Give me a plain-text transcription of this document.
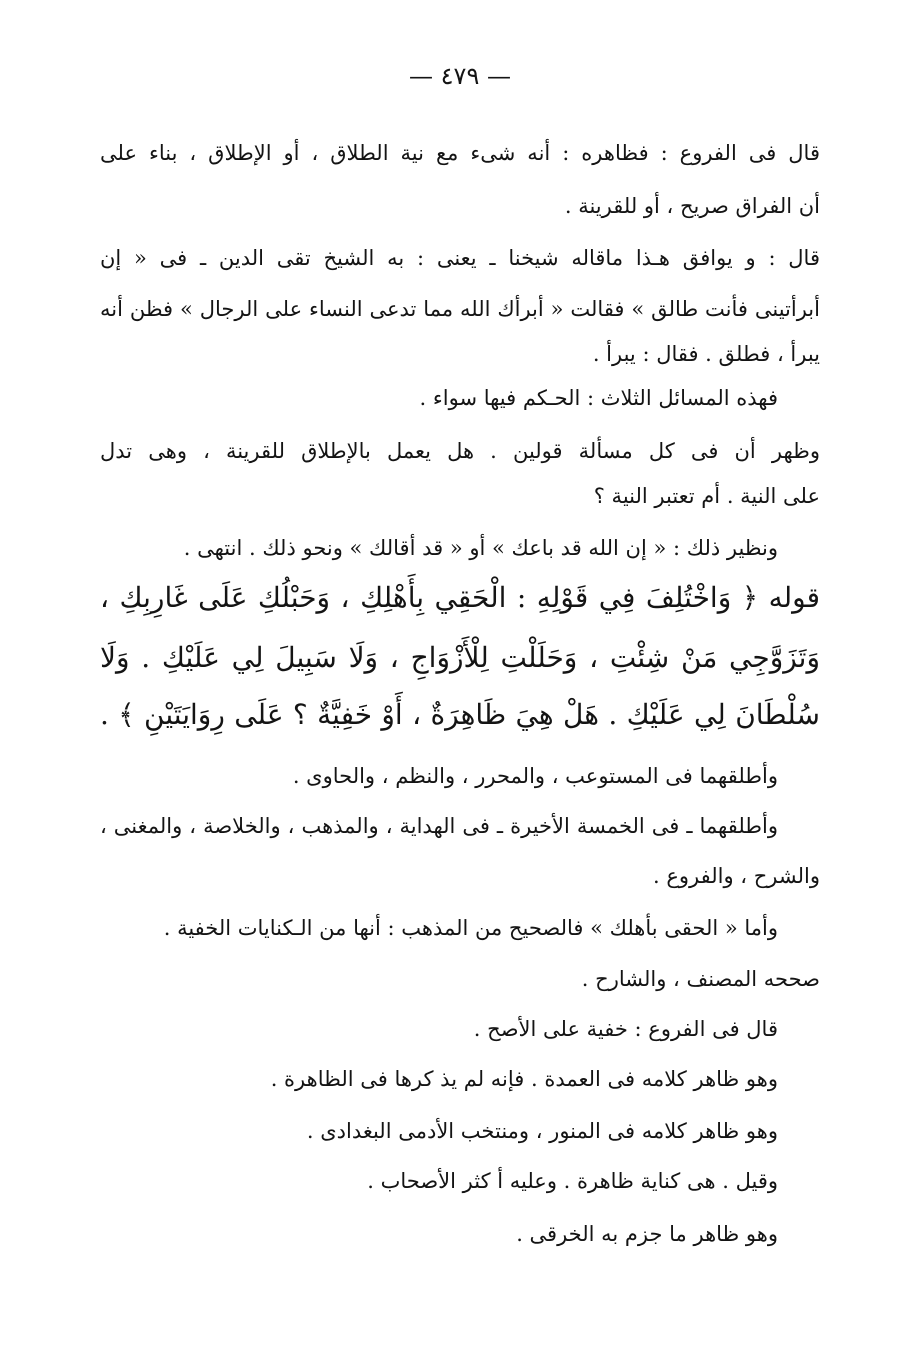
— ٤٧٩ —
قال فى الفروع : فظاهره : أنه شىء مع نية الطلاق ، أو الإطلاق ، بناء على
أن الفراق صريح ، أو للقرينة .
قال : و يوافق هـذا ماقاله شيخنا ـ يعنى : به الشيخ تقى الدين ـ فى « إن
أبرأتينى فأنت طالق » فقالت « أبرأك الله مما تدعى النساء على الرجال » فظن أنه
يبرأ ، فطلق . فقال : يبرأ .
فهذه المسائل الثلاث : الحـكم فيها سواء .
وظهر أن فى كل مسألة قولين . هل يعمل بالإطلاق للقرينة ، وهى تدل
على النية . أم تعتبر النية ؟
ونظير ذلك : « إن الله قد باعك » أو « قد أقالك » ونحو ذلك . انتهى .
قوله ﴿ وَاخْتُلِفَ فِي قَوْلِهِ : الْحَقِي بِأَهْلِكِ ، وَحَبْلُكِ عَلَى غَارِبِكِ ،
وَتَزَوَّجِي مَنْ شِئْتِ ، وَحَلَلْتِ لِلْأَزْوَاجِ ، وَلَا سَبِيلَ لِي عَلَيْكِ . وَلَا
سُلْطَانَ لِي عَلَيْكِ . هَلْ هِيَ ظَاهِرَةٌ ، أَوْ خَفِيَّةٌ ؟ عَلَى رِوَايَتَيْنِ ﴾ .
وأطلقهما فى المستوعب ، والمحرر ، والنظم ، والحاوى .
وأطلقهما ـ فى الخمسة الأخيرة ـ فى الهداية ، والمذهب ، والخلاصة ، والمغنى ،
والشرح ، والفروع .
وأما « الحقى بأهلك » فالصحيح من المذهب : أنها من الـكنايات الخفية .
صححه المصنف ، والشارح .
قال فى الفروع : خفية على الأصح .
وهو ظاهر كلامه فى العمدة . فإنه لم يذ كرها فى الظاهرة .
وهو ظاهر كلامه فى المنور ، ومنتخب الأدمى البغدادى .
وقيل . هى كناية ظاهرة . وعليه أ كثر الأصحاب .
وهو ظاهر ما جزم به الخرقى .
